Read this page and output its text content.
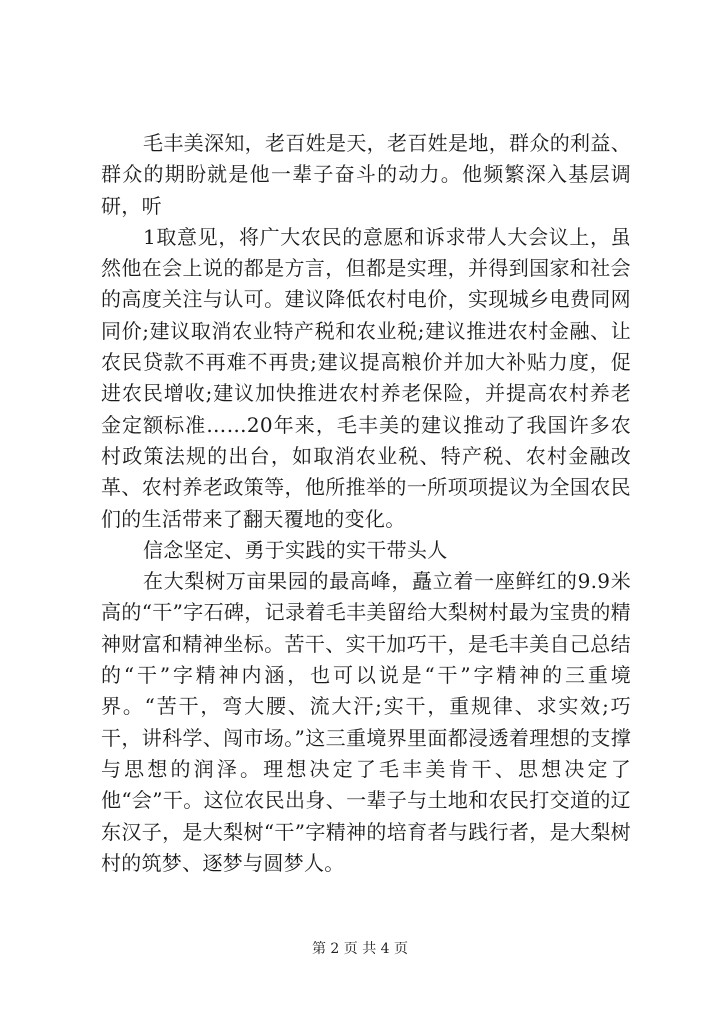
毛丰美深知，老百姓是天，老百姓是地，群众的利益、群众的期盼就是他一辈子奋斗的动力。他频繁深入基层调研，听

1取意见，将广大农民的意愿和诉求带人大会议上，虽然他在会上说的都是方言，但都是实理，并得到国家和社会的高度关注与认可。建议降低农村电价，实现城乡电费同网同价;建议取消农业特产税和农业税;建议推进农村金融、让农民贷款不再难不再贵;建议提高粮价并加大补贴力度，促进农民增收;建议加快推进农村养老保险，并提高农村养老金定额标准……20年来，毛丰美的建议推动了我国许多农村政策法规的出台，如取消农业税、特产税、农村金融改革、农村养老政策等，他所推举的一所项项提议为全国农民们的生活带来了翻天覆地的变化。

信念坚定、勇于实践的实干带头人

在大梨树万亩果园的最高峰，矗立着一座鲜红的9.9米高的“干”字石碑，记录着毛丰美留给大梨树村最为宝贵的精神财富和精神坐标。苦干、实干加巧干，是毛丰美自己总结的“干”字精神内涵，也可以说是“干”字精神的三重境界。“苦干，弯大腰、流大汗;实干，重规律、求实效;巧干，讲科学、闯市场。”这三重境界里面都浸透着理想的支撑与思想的润泽。理想决定了毛丰美肯干、思想决定了他“会”干。这位农民出身、一辈子与土地和农民打交道的辽东汉子，是大梨树“干”字精神的培育者与践行者，是大梨树村的筑梦、逐梦与圆梦人。

第 2 页 共 4 页
